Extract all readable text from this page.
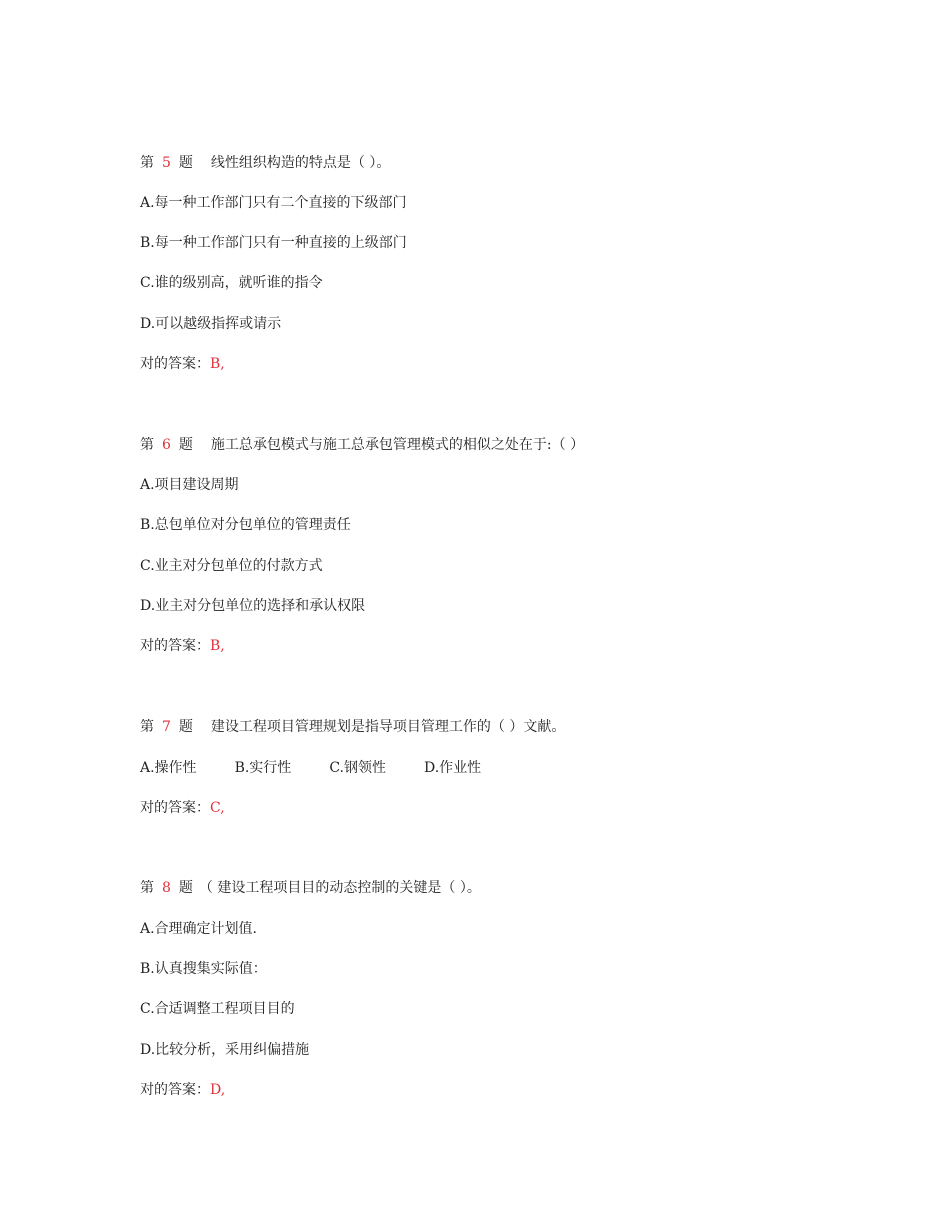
第 5 题 线性组织构造的特点是（ ）。
A.每一种工作部门只有二个直接的下级部门
B.每一种工作部门只有一种直接的上级部门
C.谁的级别高，就听谁的指令
D.可以越级指挥或请示
对的答案：B,
第 6 题 施工总承包模式与施工总承包管理模式的相似之处在于:（ ）
A.项目建设周期
B.总包单位对分包单位的管理责任
C.业主对分包单位的付款方式
D.业主对分包单位的选择和承认权限
对的答案：B,
第 7 题 建设工程项目管理规划是指导项目管理工作的（ ）文献。
A.操作性	B.实行性	C.钢领性	D.作业性
对的答案：C,
第 8 题 （ 建设工程项目目的动态控制的关键是（ ）。
A.合理确定计划值.
B.认真搜集实际值：
C.合适调整工程项目目的
D.比较分析，采用纠偏措施
对的答案：D,
